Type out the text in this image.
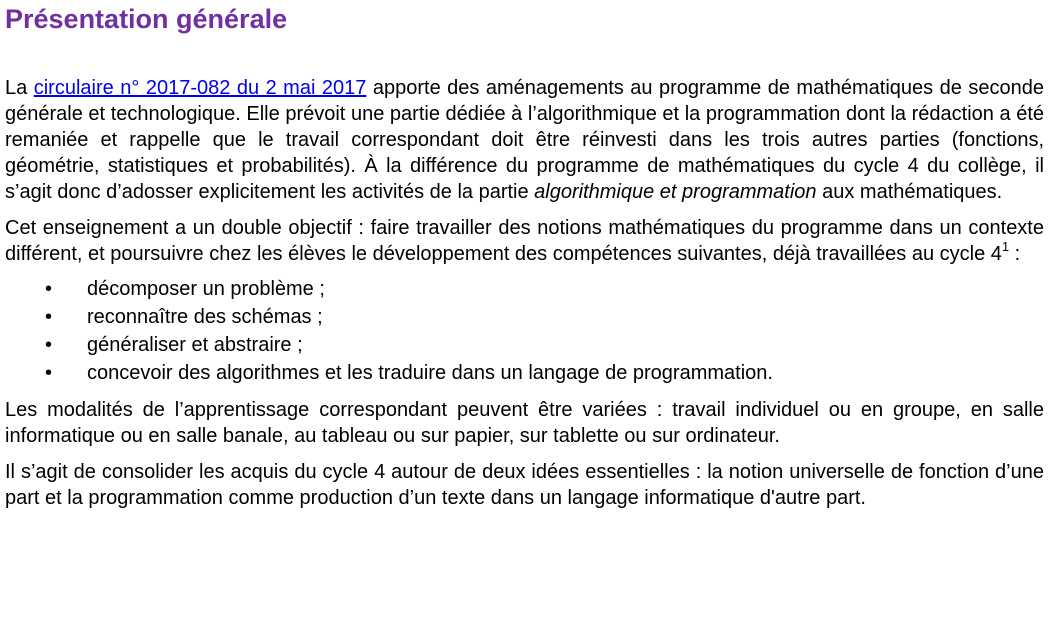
Présentation générale

La circulaire n° 2017-082 du 2 mai 2017 apporte des aménagements au programme de mathématiques de seconde générale et technologique. Elle prévoit une partie dédiée à l’algorithmique et la programmation dont la rédaction a été remaniée et rappelle que le travail correspondant doit être réinvesti dans les trois autres parties (fonctions, géométrie, statistiques et probabilités). À la différence du programme de mathématiques du cycle 4 du collège, il s’agit donc d’adosser explicitement les activités de la partie algorithmique et programmation aux mathématiques.

Cet enseignement a un double objectif : faire travailler des notions mathématiques du programme dans un contexte différent, et poursuivre chez les élèves le développement des compétences suivantes, déjà travaillées au cycle $4^1$ :

• décomposer un problème ;
• reconnaître des schémas ;
• généraliser et abstraire ;
• concevoir des algorithmes et les traduire dans un langage de programmation.

Les modalités de l’apprentissage correspondant peuvent être variées : travail individuel ou en groupe, en salle informatique ou en salle banale, au tableau ou sur papier, sur tablette ou sur ordinateur.

Il s’agit de consolider les acquis du cycle 4 autour de deux idées essentielles : la notion universelle de fonction d’une part et la programmation comme production d’un texte dans un langage informatique d'autre part.
